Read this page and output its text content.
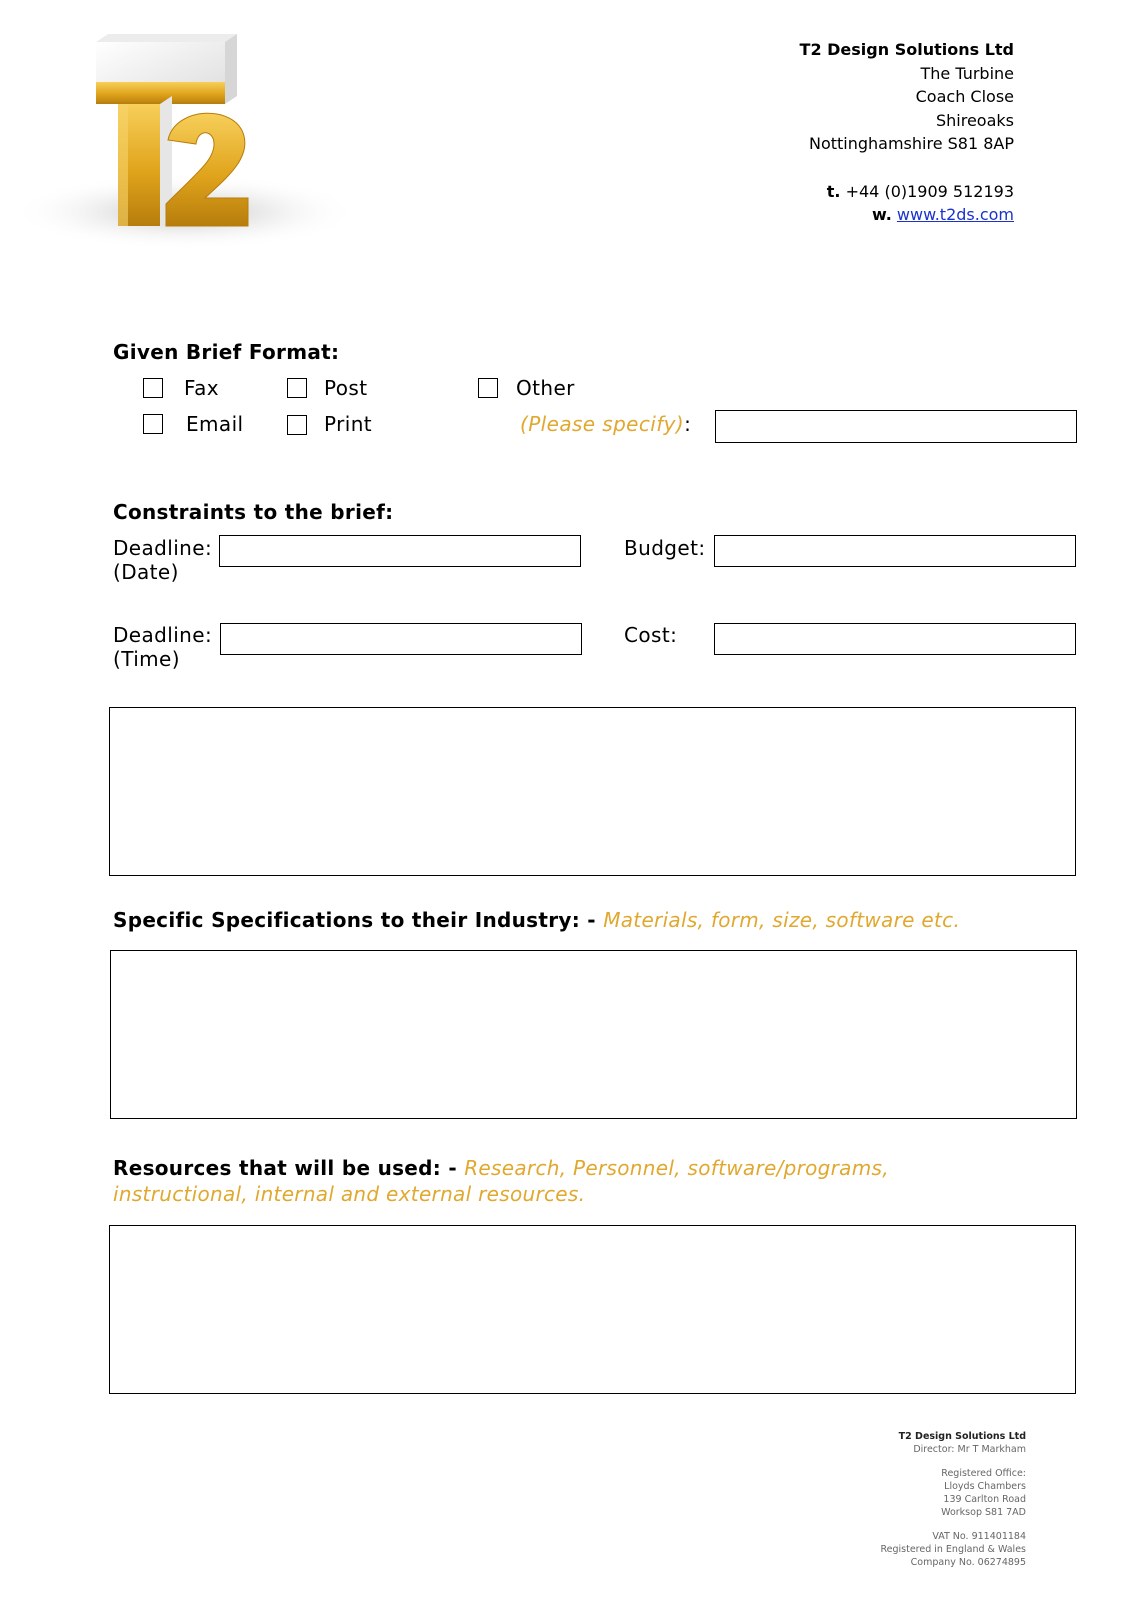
T2
T2 Design Solutions Ltd
The Turbine
Coach Close
Shireoaks
Nottinghamshire S81 8AP
t. +44 (0)1909 512193
w. www.t2ds.com
Given Brief Format:
Fax
Email
Post
Print
Other
(Please specify):
Constraints to the brief:
Deadline:
(Date)
Budget:
Deadline:
(Time)
Cost:
Specific Specifications to their Industry: - Materials, form, size, software etc.
Resources that will be used: - Research, Personnel, software/programs,
instructional, internal and external resources.
T2 Design Solutions Ltd
Director: Mr T Markham
Registered Office:
Lloyds Chambers
139 Carlton Road
Worksop S81 7AD
VAT No. 911401184
Registered in England & Wales
Company No. 06274895
